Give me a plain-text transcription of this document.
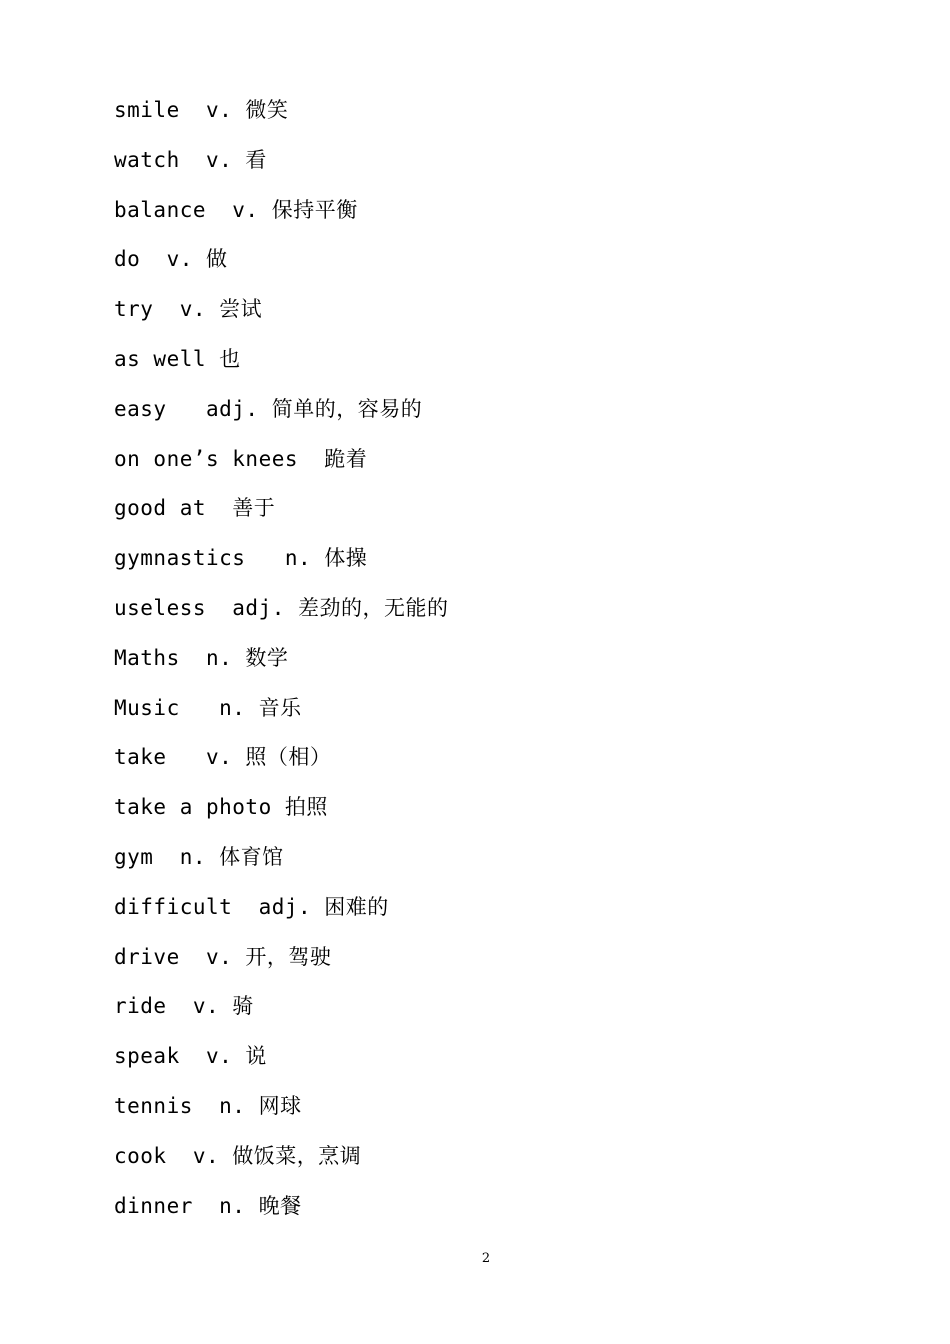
smile  v. 微笑
watch  v. 看
balance  v. 保持平衡
do  v. 做
try  v. 尝试
as well 也
easy   adj. 简单的，容易的
on one’s knees  跪着
good at  善于
gymnastics   n. 体操
useless  adj. 差劲的，无能的
Maths  n. 数学
Music   n. 音乐
take   v. 照（相）
take a photo 拍照
gym  n. 体育馆
difficult  adj. 困难的
drive  v. 开，驾驶
ride  v. 骑
speak  v. 说
tennis  n. 网球
cook  v. 做饭菜，烹调
dinner  n. 晚餐
2
